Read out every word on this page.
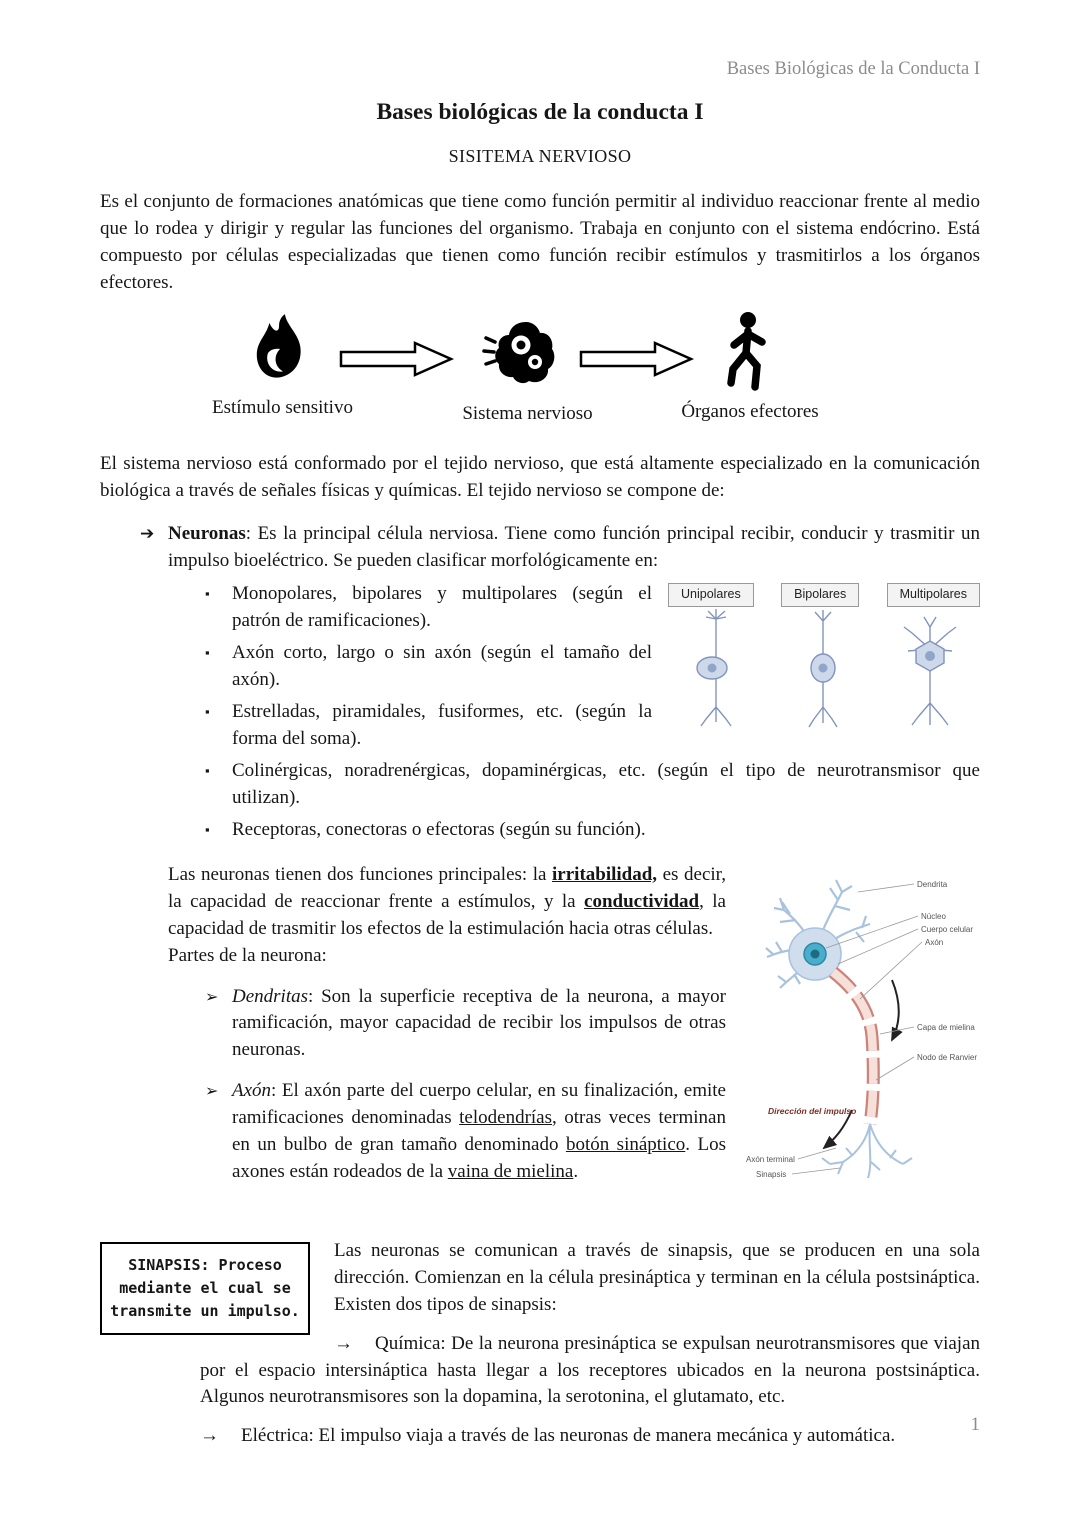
Bases Biológicas de la Conducta I
Bases biológicas de la conducta I
SISITEMA NERVIOSO

Es el conjunto de formaciones anatómicas que tiene como función permitir al individuo reaccionar frente al medio que lo rodea y dirigir y regular las funciones del organismo. Trabaja en conjunto con el sistema endócrino. Está compuesto por células especializadas que tienen como función recibir estímulos y trasmitirlos a los órganos efectores.

Estímulo sensitivo	Sistema nervioso	Órganos efectores

El sistema nervioso está conformado por el tejido nervioso, que está altamente especializado en la comunicación biológica a través de señales físicas y químicas. El tejido nervioso se compone de:

➔ Neuronas: Es la principal célula nerviosa. Tiene como función principal recibir, conducir y trasmitir un impulso bioeléctrico. Se pueden clasificar morfológicamente en:
Unipolares	Bipolares	Multipolares
▪ Monopolares, bipolares y multipolares (según el patrón de ramificaciones).
▪ Axón corto, largo o sin axón (según el tamaño del axón).
▪ Estrelladas, piramidales, fusiformes, etc. (según la forma del soma).
▪ Colinérgicas, noradrenérgicas, dopaminérgicas, etc. (según el tipo de neurotransmisor que utilizan).
▪ Receptoras, conectoras o efectoras (según su función).
Dendrita
Núcleo
Cuerpo celular
Axón
Capa de mielina
Nodo de Ranvier
Dirección del impulso
Axón terminal
Sinapsis

Las neuronas tienen dos funciones principales: la irritabilidad, es decir, la capacidad de reaccionar frente a estímulos, y la conductividad, la capacidad de trasmitir los efectos de la estimulación hacia otras células.

Partes de la neurona:

➢ Dendritas: Son la superficie receptiva de la neurona, a mayor ramificación, mayor capacidad de recibir los impulsos de otras neuronas.
➢ Axón: El axón parte del cuerpo celular, en su finalización, emite ramificaciones denominadas telodendrías, otras veces terminan en un bulbo de gran tamaño denominado botón sináptico. Los axones están rodeados de la vaina de mielina.
SINAPSIS: Proceso mediante el cual se transmite un impulso.

Las neuronas se comunican a través de sinapsis, que se producen en una sola dirección. Comienzan en la célula presináptica y terminan en la célula postsináptica. Existen dos tipos de sinapsis:

→ Química: De la neurona presináptica se expulsan neurotransmisores que viajan por el espacio intersináptica hasta llegar a los receptores ubicados en la neurona postsináptica. Algunos neurotransmisores son la dopamina, la serotonina, el glutamato, etc.
→ Eléctrica: El impulso viaja a través de las neuronas de manera mecánica y automática.
1
